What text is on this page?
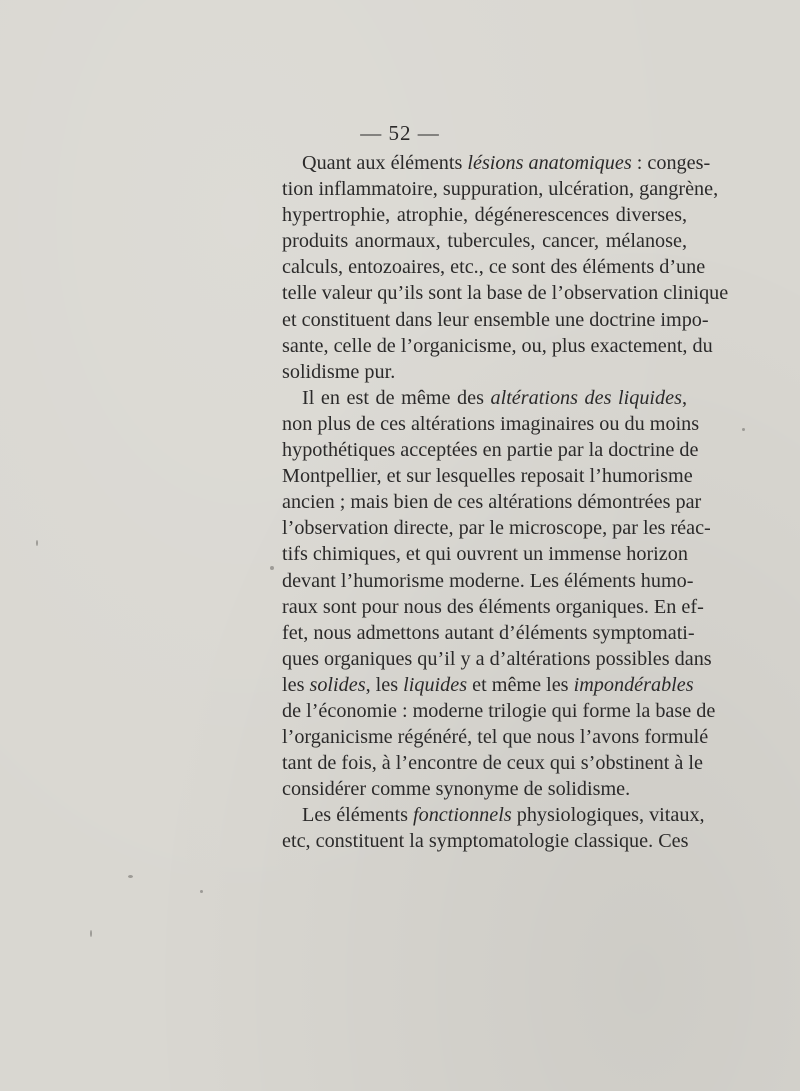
— 52 —
Quant aux éléments lésions anatomiques : conges-
tion inflammatoire, suppuration, ulcération, gangrène,
hypertrophie, atrophie, dégénerescences diverses,
produits anormaux, tubercules, cancer, mélanose,
calculs, entozoaires, etc., ce sont des éléments d’une
telle valeur qu’ils sont la base de l’observation clinique
et constituent dans leur ensemble une doctrine impo-
sante, celle de l’organicisme, ou, plus exactement, du
solidisme pur.
Il en est de même des altérations des liquides,
non plus de ces altérations imaginaires ou du moins
hypothétiques acceptées en partie par la doctrine de
Montpellier, et sur lesquelles reposait l’humorisme
ancien ; mais bien de ces altérations démontrées par
l’observation directe, par le microscope, par les réac-
tifs chimiques, et qui ouvrent un immense horizon
devant l’humorisme moderne. Les éléments humo-
raux sont pour nous des éléments organiques. En ef-
fet, nous admettons autant d’éléments symptomati-
ques organiques qu’il y a d’altérations possibles dans
les solides, les liquides et même les impondérables
de l’économie : moderne trilogie qui forme la base de
l’organicisme régénéré, tel que nous l’avons formulé
tant de fois, à l’encontre de ceux qui s’obstinent à le
considérer comme synonyme de solidisme.
Les éléments fonctionnels physiologiques, vitaux,
etc, constituent la symptomatologie classique. Ces
